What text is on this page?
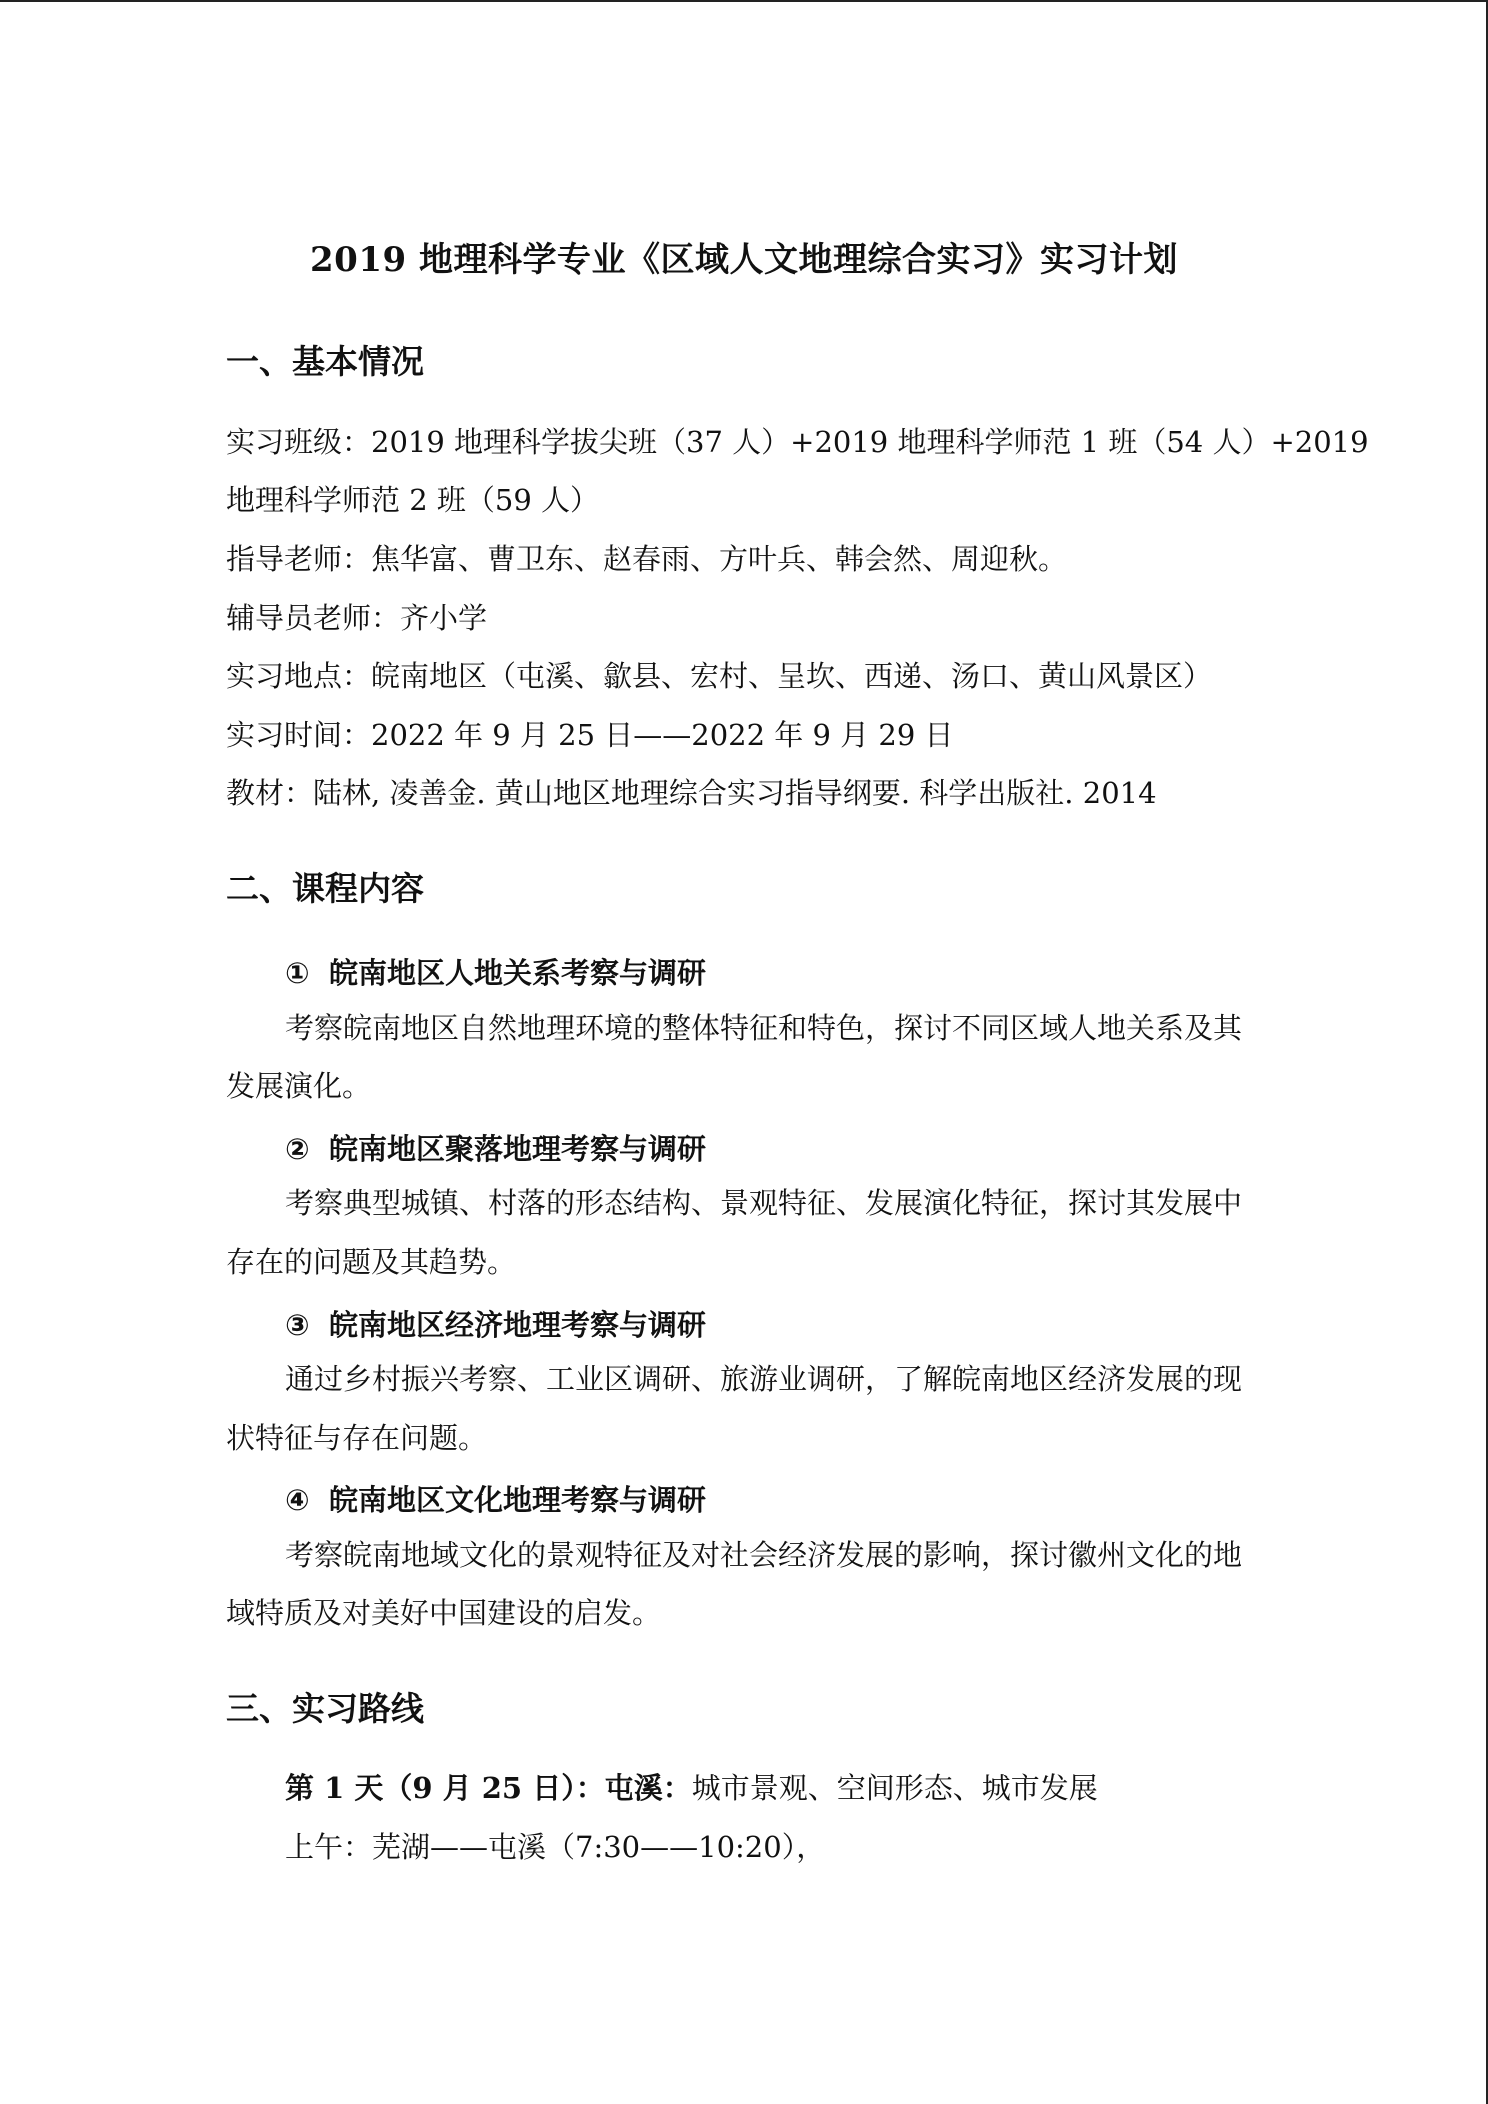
2019 地理科学专业《区域人文地理综合实习》实习计划
一、基本情况
实习班级：2019 地理科学拔尖班（37 人）+2019 地理科学师范 1 班（54 人）+2019
地理科学师范 2 班（59 人）
指导老师：焦华富、曹卫东、赵春雨、方叶兵、韩会然、周迎秋。
辅导员老师：齐小学
实习地点：皖南地区（屯溪、歙县、宏村、呈坎、西递、汤口、黄山风景区）
实习时间：2022 年 9 月 25 日——2022 年 9 月 29 日
教材：陆林, 凌善金. 黄山地区地理综合实习指导纲要. 科学出版社. 2014
二、课程内容
① 皖南地区人地关系考察与调研
考察皖南地区自然地理环境的整体特征和特色，探讨不同区域人地关系及其
发展演化。
② 皖南地区聚落地理考察与调研
考察典型城镇、村落的形态结构、景观特征、发展演化特征，探讨其发展中
存在的问题及其趋势。
③ 皖南地区经济地理考察与调研
通过乡村振兴考察、工业区调研、旅游业调研，了解皖南地区经济发展的现
状特征与存在问题。
④ 皖南地区文化地理考察与调研
考察皖南地域文化的景观特征及对社会经济发展的影响，探讨徽州文化的地
域特质及对美好中国建设的启发。
三、实习路线
第 1 天（9 月 25 日）：屯溪：城市景观、空间形态、城市发展
上午：芜湖——屯溪（7:30——10:20），
